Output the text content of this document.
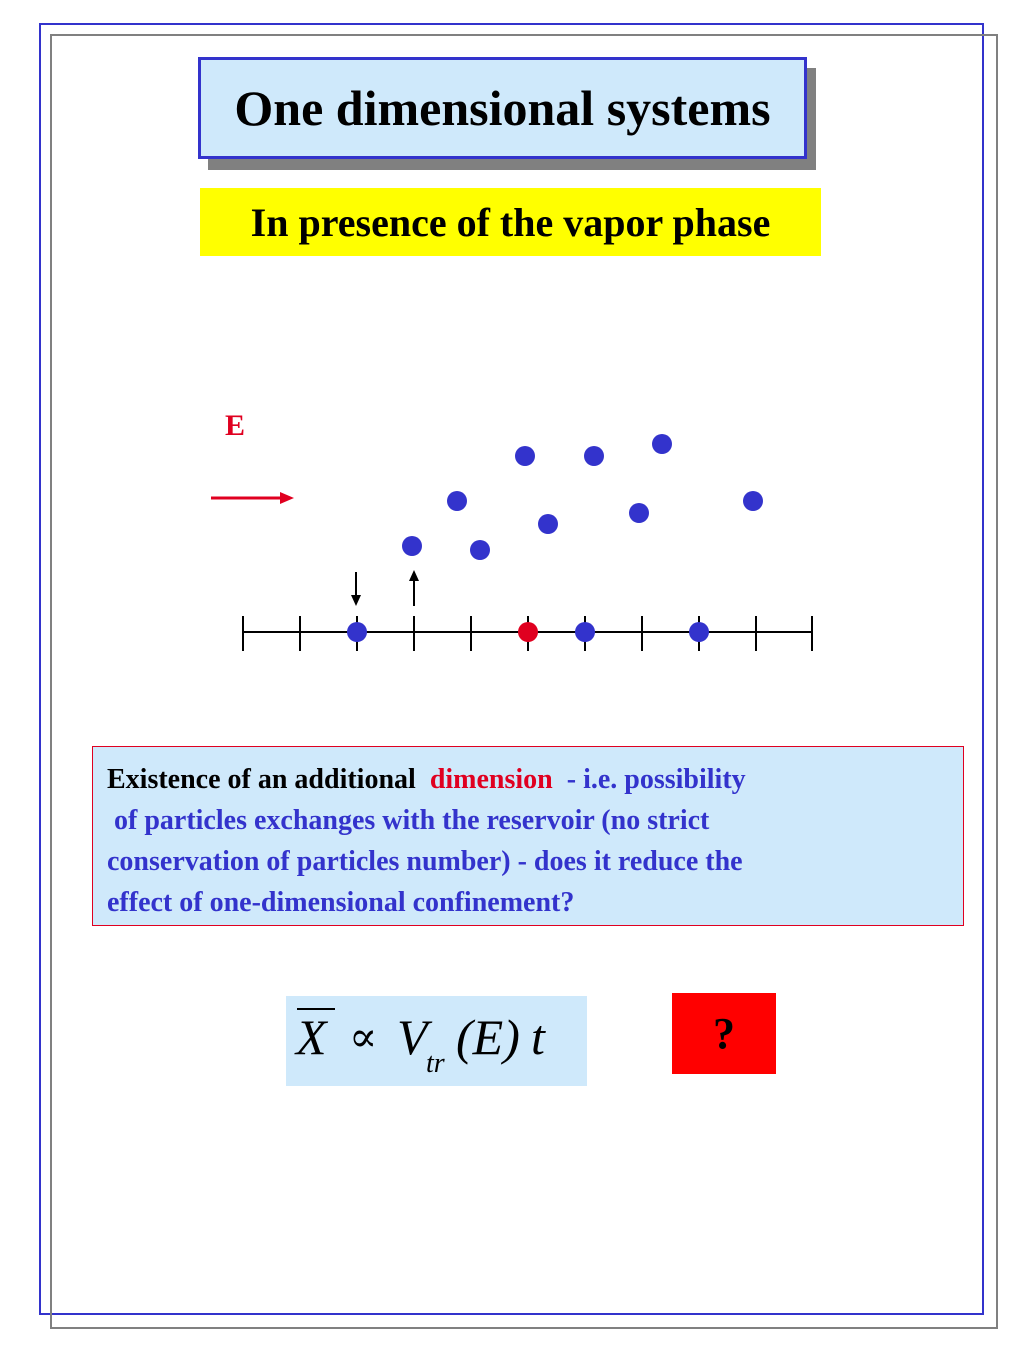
One dimensional systems
In presence of the vapor phase
E
Existence of an additional dimension  - i.e. possibility
of particles exchanges with the reservoir (no strict
conservation of particles number) - does it reduce the
effect of one-dimensional confinement?
X ∝ V
tr (E) t	?
